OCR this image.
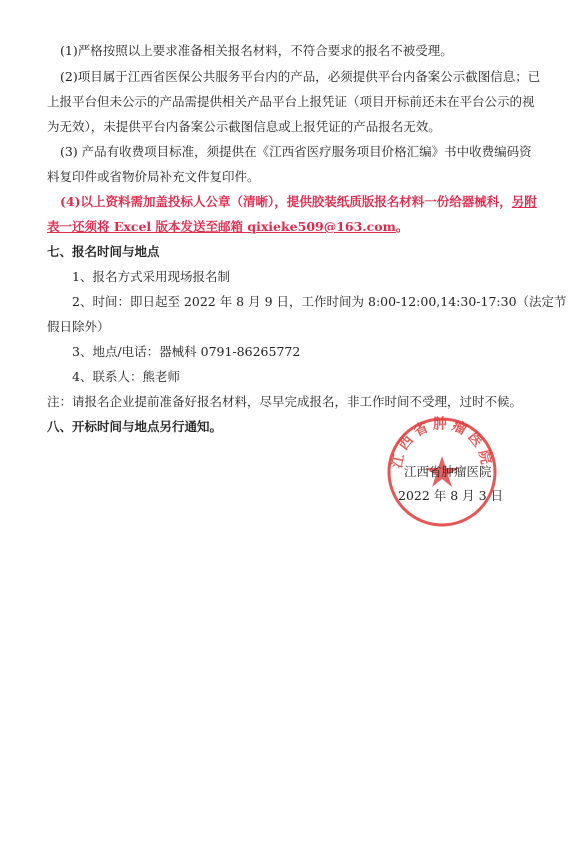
(1)严格按照以上要求准备相关报名材料，不符合要求的报名不被受理。
(2)项目属于江西省医保公共服务平台内的产品，必须提供平台内备案公示截图信息；已
上报平台但未公示的产品需提供相关产品平台上报凭证（项目开标前还未在平台公示的视
为无效），未提供平台内备案公示截图信息或上报凭证的产品报名无效。
(3) 产品有收费项目标准，须提供在《江西省医疗服务项目价格汇编》书中收费编码资
料复印件或省物价局补充文件复印件。
(4)以上资料需加盖投标人公章（清晰），提供胶装纸质版报名材料一份给器械科，另附
表一还须将 Excel 版本发送至邮箱 qixieke509@163.com。
七、报名时间与地点
1、报名方式采用现场报名制
2、时间：即日起至 2022 年 8 月 9 日，工作时间为 8:00-12:00,14:30-17:30（法定节
假日除外）
3、地点/电话：器械科 0791-86265772
4、联系人：熊老师
注：请报名企业提前准备好报名材料，尽早完成报名，非工作时间不受理，过时不候。
八、开标时间与地点另行通知。
江西省肿瘤医院
江西省肿瘤医院
2022 年 8 月 3 日
